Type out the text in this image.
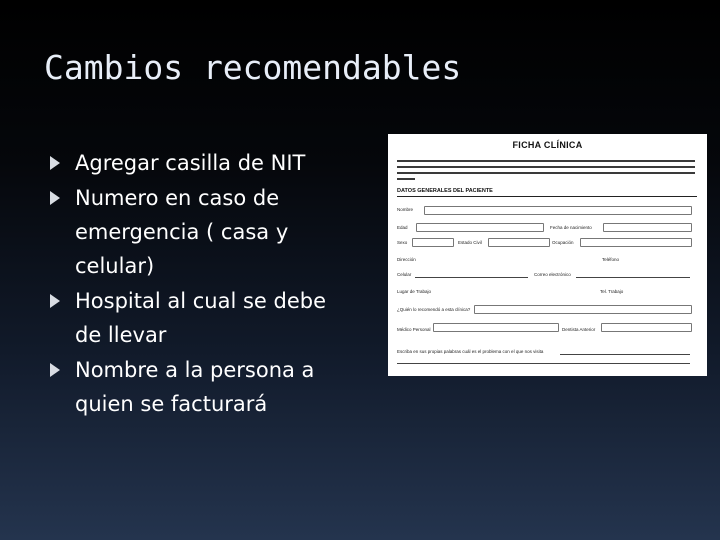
Cambios recomendables
Agregar casilla de NIT
Numero en caso de emergencia ( casa y celular)
Hospital al cual se debe de llevar
Nombre a la persona a quien se facturará
FICHA CLÍNICA
DATOS GENERALES DEL PACIENTE
Nombre
Edad	Fecha de nacimiento
Sexo	Estado Civil	Ocupación
Dirección	Teléfono
Celular	Correo electrónico
Lugar de Trabajo	Tel. Trabajo
¿Quién lo recomendó a esta clínica?
Médico Personal	Dentista Anterior
Escriba en sus propias palabras cuál es el problema con el que nos visita
